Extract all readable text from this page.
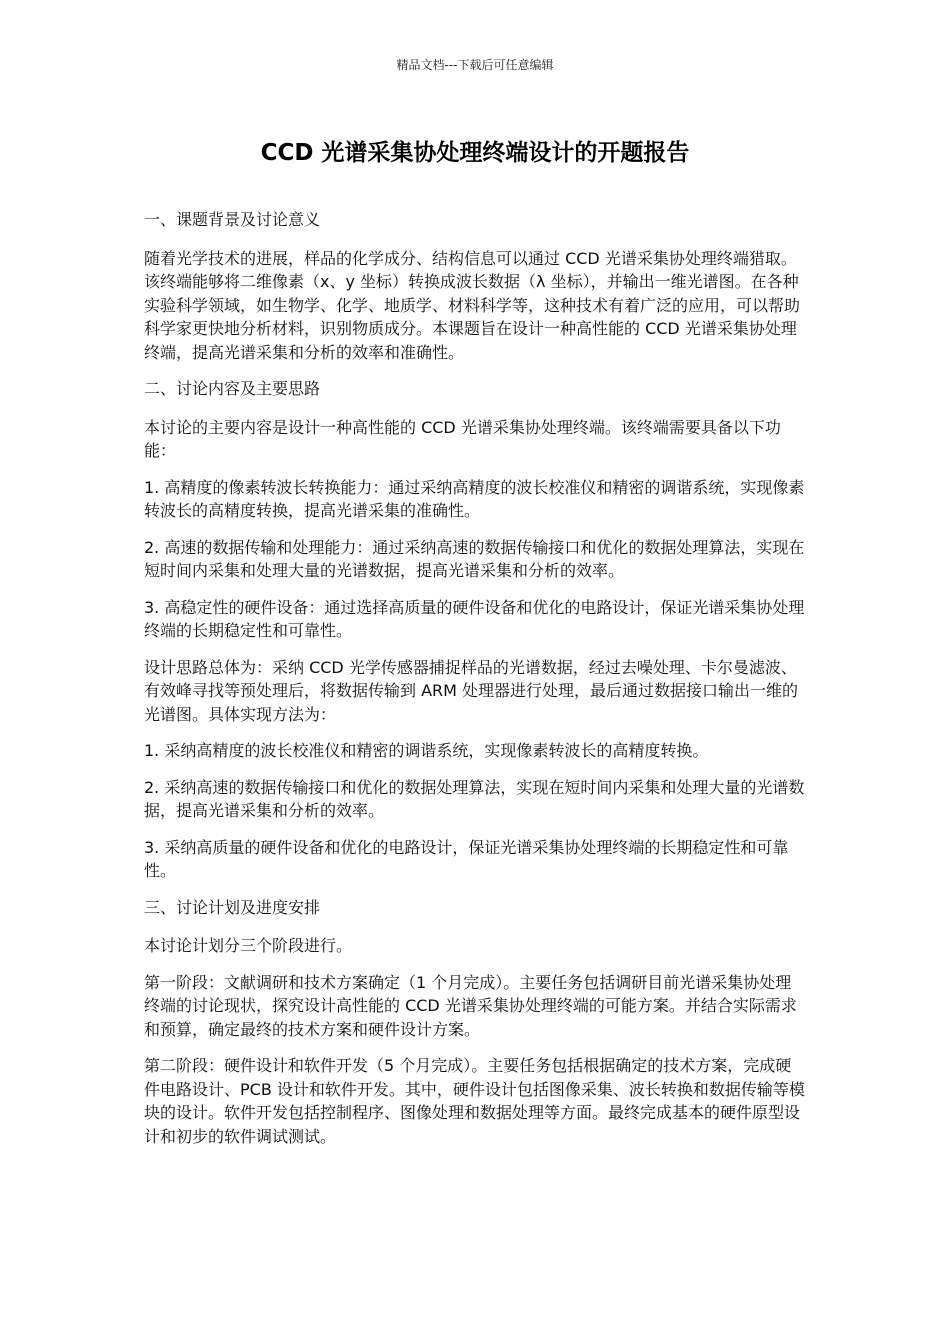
精品文档---下载后可任意编辑
CCD 光谱采集协处理终端设计的开题报告

一、课题背景及讨论意义

随着光学技术的进展，样品的化学成分、结构信息可以通过 CCD 光谱采集协处理终端猎取。该终端能够将二维像素（x、y 坐标）转换成波长数据（λ 坐标），并输出一维光谱图。在各种实验科学领域，如生物学、化学、地质学、材料科学等，这种技术有着广泛的应用，可以帮助科学家更快地分析材料，识别物质成分。本课题旨在设计一种高性能的 CCD 光谱采集协处理终端，提高光谱采集和分析的效率和准确性。

二、讨论内容及主要思路

本讨论的主要内容是设计一种高性能的 CCD 光谱采集协处理终端。该终端需要具备以下功能：

1. 高精度的像素转波长转换能力：通过采纳高精度的波长校准仪和精密的调谐系统，实现像素转波长的高精度转换，提高光谱采集的准确性。

2. 高速的数据传输和处理能力：通过采纳高速的数据传输接口和优化的数据处理算法，实现在短时间内采集和处理大量的光谱数据，提高光谱采集和分析的效率。

3. 高稳定性的硬件设备：通过选择高质量的硬件设备和优化的电路设计，保证光谱采集协处理终端的长期稳定性和可靠性。

设计思路总体为：采纳 CCD 光学传感器捕捉样品的光谱数据，经过去噪处理、卡尔曼滤波、有效峰寻找等预处理后，将数据传输到 ARM 处理器进行处理，最后通过数据接口输出一维的光谱图。具体实现方法为：

1. 采纳高精度的波长校准仪和精密的调谐系统，实现像素转波长的高精度转换。

2. 采纳高速的数据传输接口和优化的数据处理算法，实现在短时间内采集和处理大量的光谱数据，提高光谱采集和分析的效率。

3. 采纳高质量的硬件设备和优化的电路设计，保证光谱采集协处理终端的长期稳定性和可靠性。

三、讨论计划及进度安排

本讨论计划分三个阶段进行。

第一阶段：文献调研和技术方案确定（1 个月完成）。主要任务包括调研目前光谱采集协处理终端的讨论现状，探究设计高性能的 CCD 光谱采集协处理终端的可能方案。并结合实际需求和预算，确定最终的技术方案和硬件设计方案。

第二阶段：硬件设计和软件开发（5 个月完成）。主要任务包括根据确定的技术方案，完成硬件电路设计、PCB 设计和软件开发。其中，硬件设计包括图像采集、波长转换和数据传输等模块的设计。软件开发包括控制程序、图像处理和数据处理等方面。最终完成基本的硬件原型设计和初步的软件调试测试。
